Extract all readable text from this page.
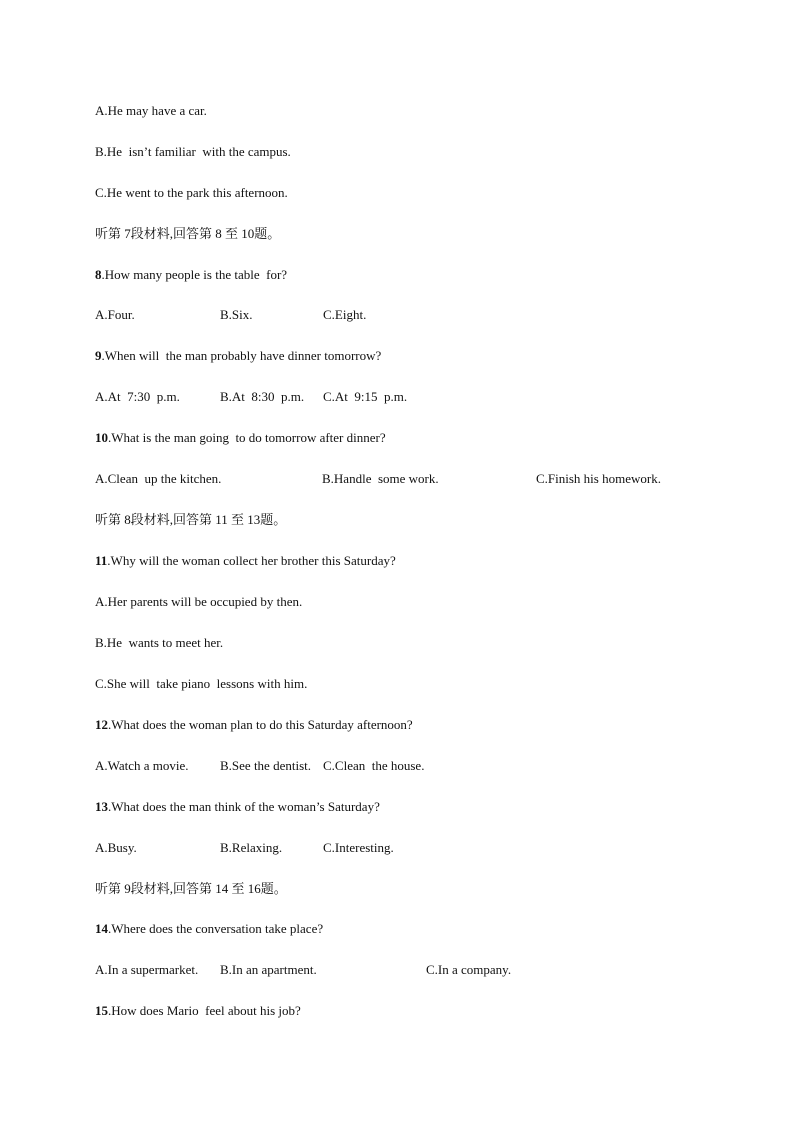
A.He may have a car.
B.He  isn’t familiar  with the campus.
C.He went to the park this afternoon.
听第 7段材料,回答第 8 至 10题。
8.How many people is the table  for?
A.Four.	B.Six.	C.Eight.
9.When will  the man probably have dinner tomorrow?
A.At  7:30  p.m.	B.At  8:30  p.m. C.At  9:15  p.m.
10.What is the man going  to do tomorrow after dinner?
A.Clean  up the kitchen.	B.Handle  some work.	C.Finish his homework.
听第 8段材料,回答第 11 至 13题。
11.Why will the woman collect her brother this Saturday?
A.Her parents will be occupied by then.
B.He  wants to meet her.
C.She will  take piano  lessons with him.
12.What does the woman plan to do this Saturday afternoon?
A.Watch a movie. B.See the dentist. C.Clean  the house.
13.What does the man think of the woman’s Saturday?
A.Busy.	B.Relaxing.	C.Interesting.
听第 9段材料,回答第 14 至 16题。
14.Where does the conversation take place?
A.In a supermarket. B.In an apartment.	C.In a company.
15.How does Mario  feel about his job?
